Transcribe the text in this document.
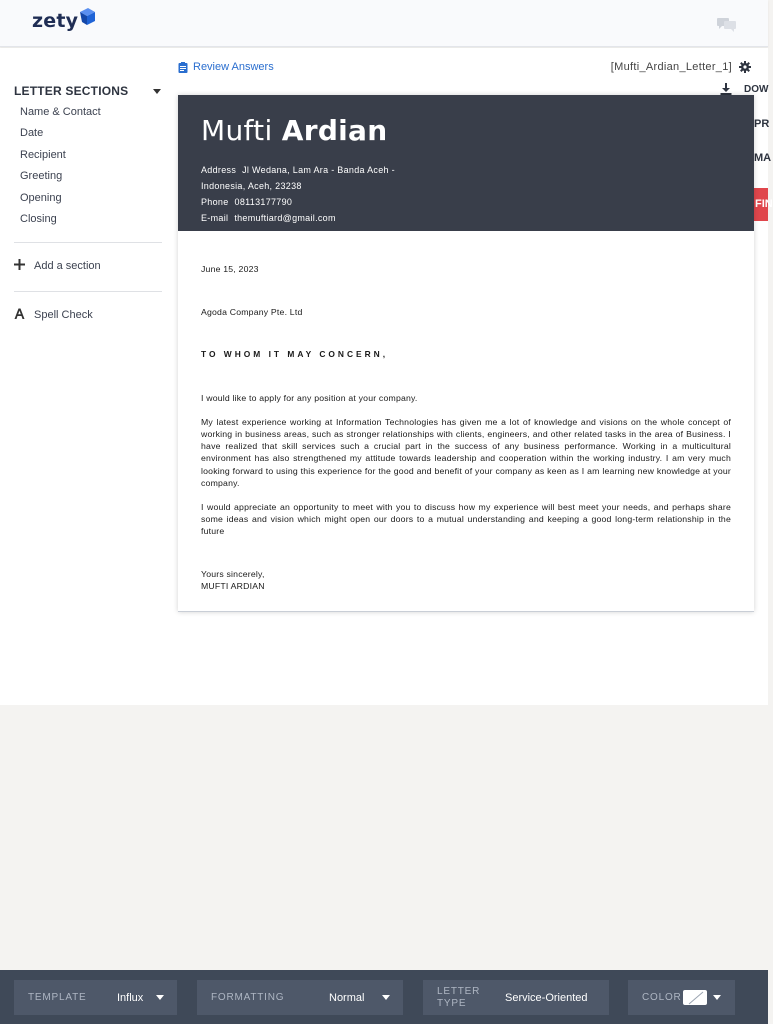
zety
LETTER SECTIONS
Name & Contact
Date
Recipient
Greeting
Opening
Closing
Add a section
Spell Check
Review Answers	[Mufti_Ardian_Letter_1]
DOW
PR
MA
FIN
Mufti Ardian
Address Jl Wedana, Lam Ara - Banda Aceh -
Indonesia, Aceh, 23238
Phone 08113177790
E-mail themuftiard@gmail.com

June 15, 2023

Agoda Company Pte. Ltd

TO WHOM IT MAY CONCERN,

I would like to apply for any position at your company.

My latest experience working at Information Technologies has given me a lot of knowledge and visions on the whole concept of working in business areas, such as stronger relationships with clients, engineers, and other related tasks in the area of Business. I have realized that skill services such a crucial part in the success of any business performance. Working in a multicultural environment has also strengthened my attitude towards leadership and cooperation within the working industry. I am very much looking forward to using this experience for the good and benefit of your company as keen as I am learning new knowledge at your company.

I would appreciate an opportunity to meet with you to discuss how my experience will best meet your needs, and perhaps share some ideas and vision which might open our doors to a mutual understanding and keeping a good long-term relationship in the future

Yours sincerely,

MUFTI ARDIAN

TEMPLATE	Influx	FORMATTING	Normal	LETTER
TYPE	Service-Oriented	COLOR
